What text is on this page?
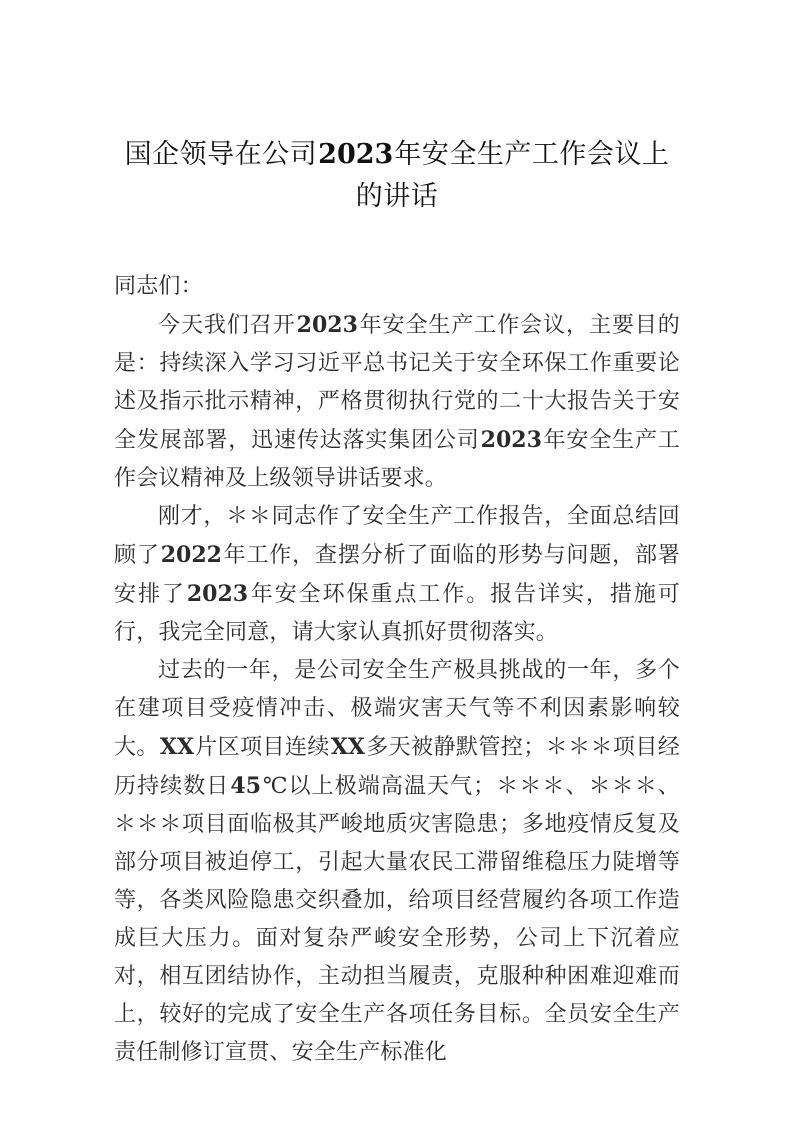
国企领导在公司2023年安全生产工作会议上的讲话

同志们：

今天我们召开2023年安全生产工作会议，主要目的是：持续深入学习习近平总书记关于安全环保工作重要论述及指示批示精神，严格贯彻执行党的二十大报告关于安全发展部署，迅速传达落实集团公司2023年安全生产工作会议精神及上级领导讲话要求。

刚才，＊＊同志作了安全生产工作报告，全面总结回顾了2022年工作，查摆分析了面临的形势与问题，部署安排了2023年安全环保重点工作。报告详实，措施可行，我完全同意，请大家认真抓好贯彻落实。

过去的一年，是公司安全生产极具挑战的一年，多个在建项目受疫情冲击、极端灾害天气等不利因素影响较大。XX片区项目连续XX多天被静默管控；＊＊＊项目经历持续数日45℃以上极端高温天气；＊＊＊、＊＊＊、＊＊＊项目面临极其严峻地质灾害隐患；多地疫情反复及部分项目被迫停工，引起大量农民工滞留维稳压力陡增等等，各类风险隐患交织叠加，给项目经营履约各项工作造成巨大压力。面对复杂严峻安全形势，公司上下沉着应对，相互团结协作，主动担当履责，克服种种困难迎难而上，较好的完成了安全生产各项任务目标。全员安全生产责任制修订宣贯、安全生产标准化
